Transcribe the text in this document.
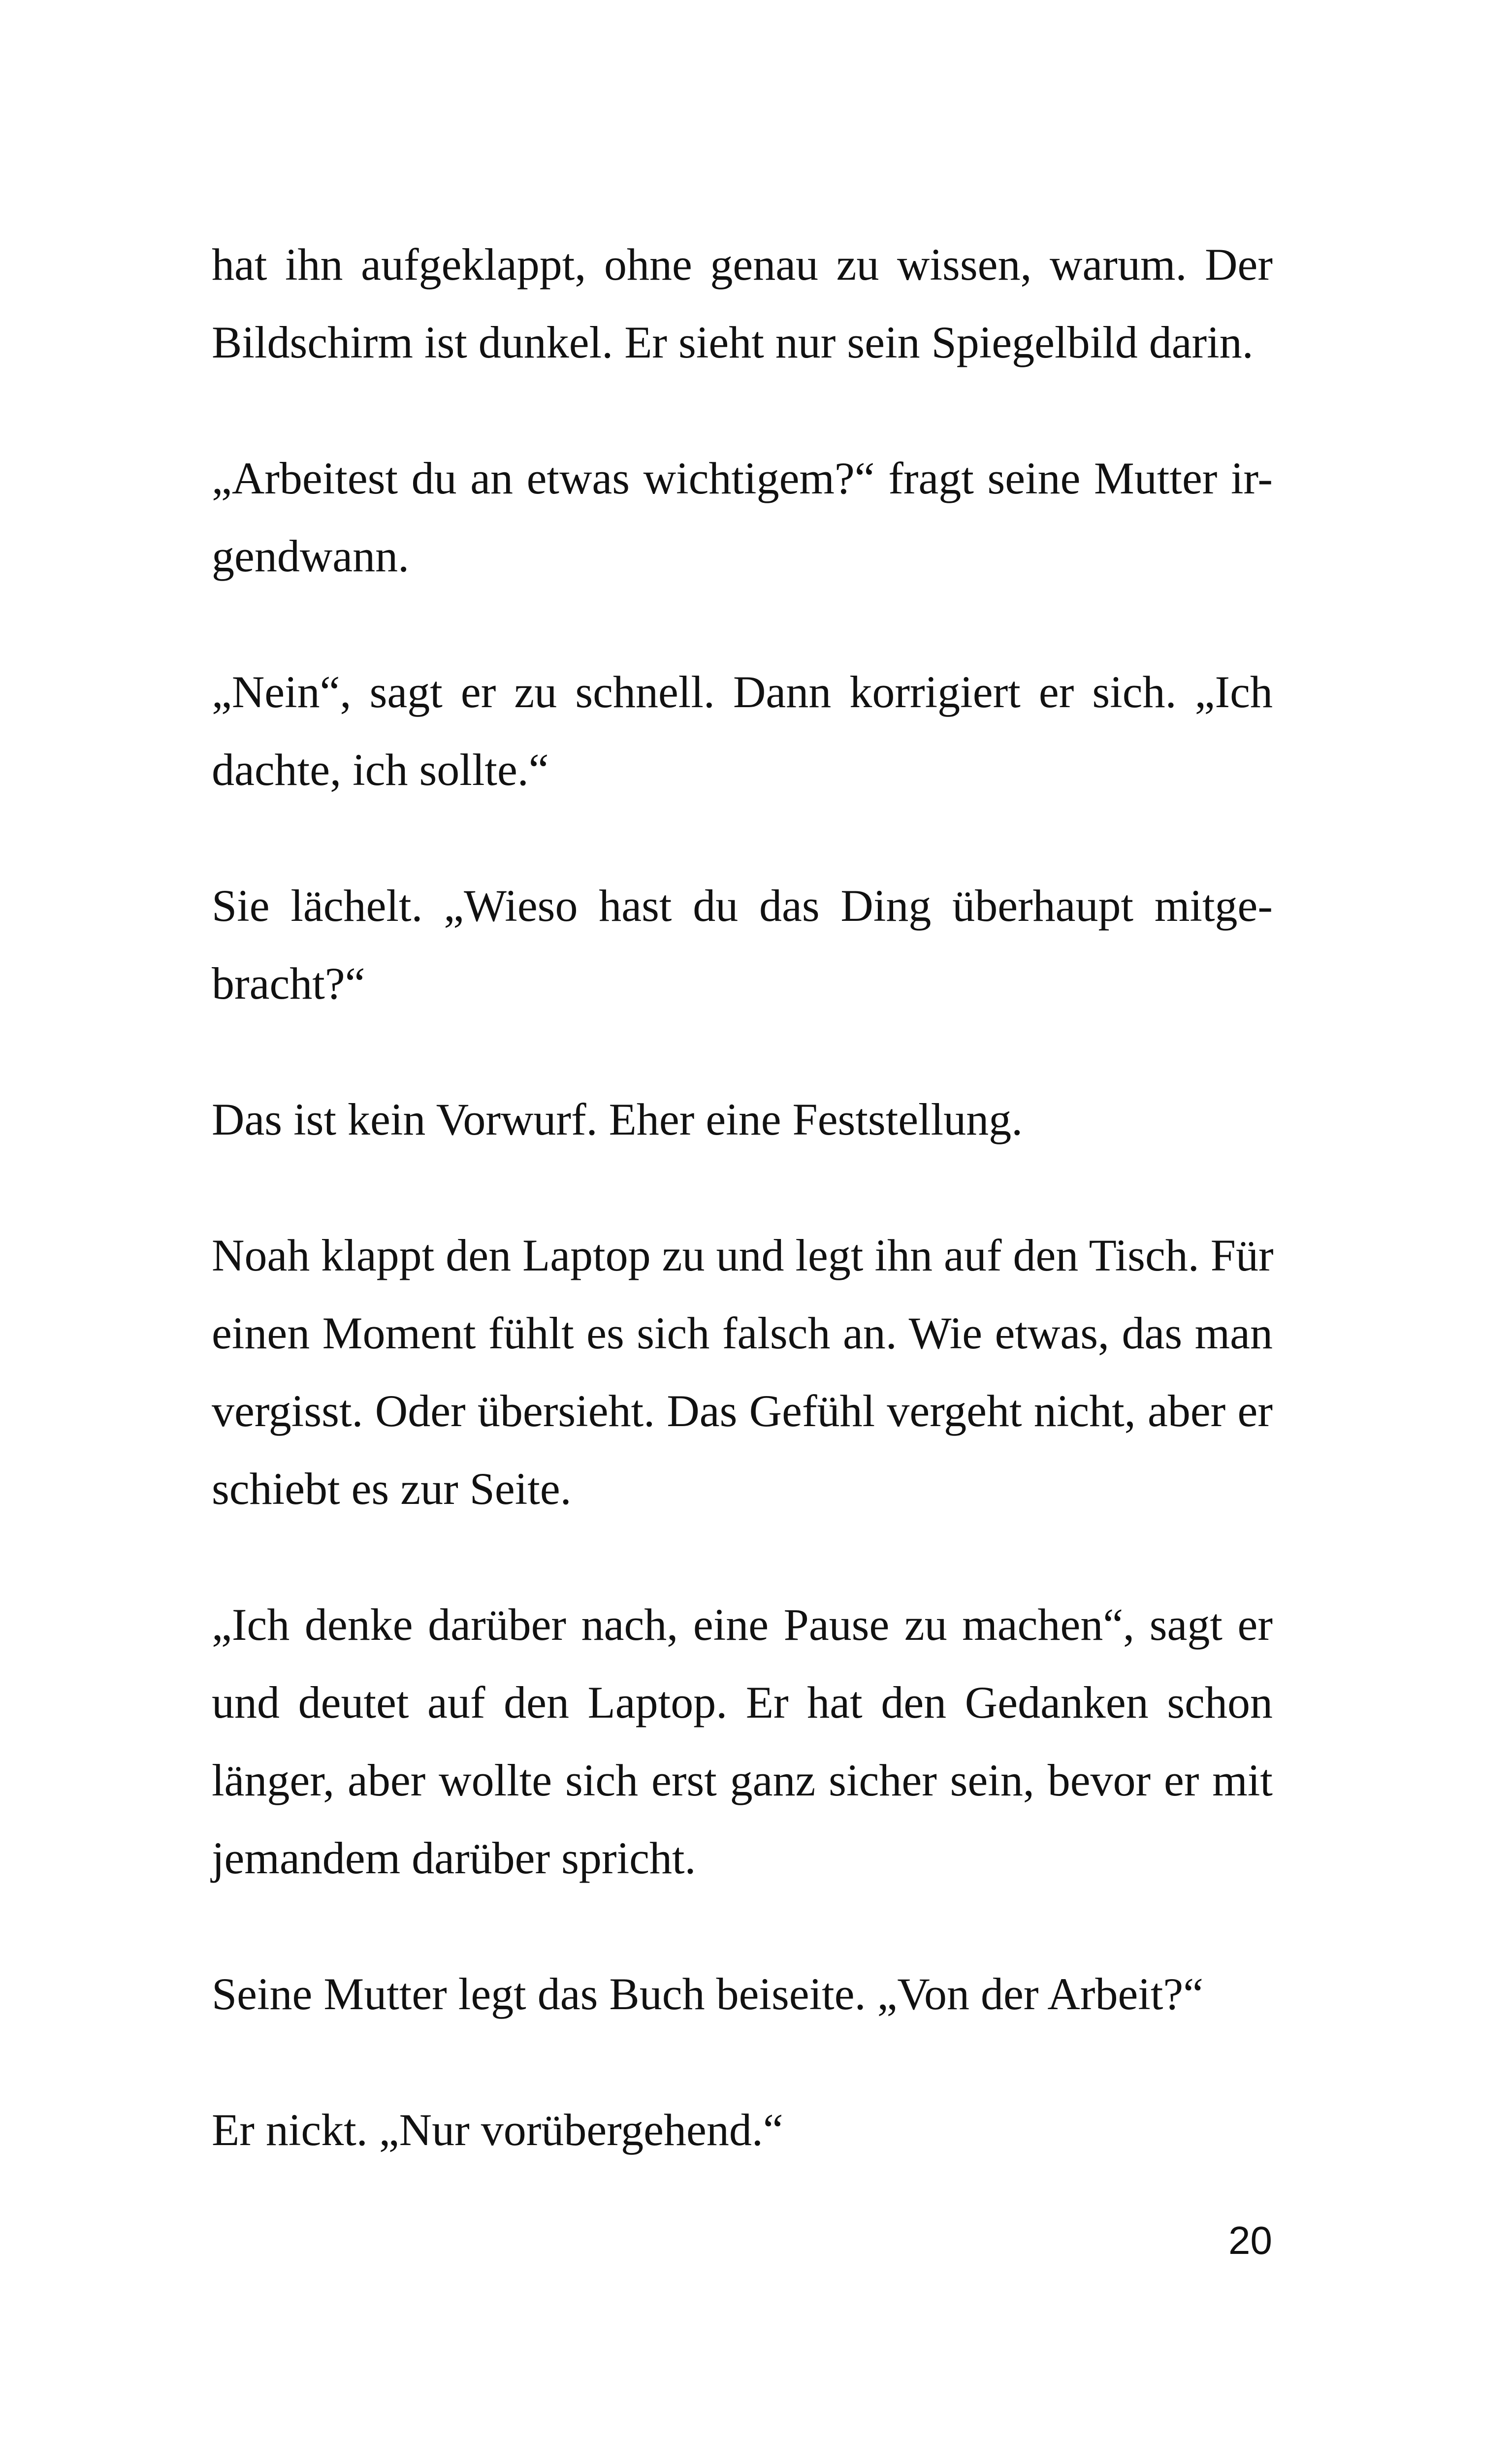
hat ihn aufgeklappt, ohne genau zu wissen, warum. Der
Bildschirm ist dunkel. Er sieht nur sein Spiegelbild darin.

„Arbeitest du an etwas wichtigem?“ fragt seine Mutter ir-
gendwann.

„Nein“, sagt er zu schnell. Dann korrigiert er sich. „Ich
dachte, ich sollte.“

Sie lächelt. „Wieso hast du das Ding überhaupt mitge-
bracht?“

Das ist kein Vorwurf. Eher eine Feststellung.

Noah klappt den Laptop zu und legt ihn auf den Tisch. Für
einen Moment fühlt es sich falsch an. Wie etwas, das man
vergisst. Oder übersieht. Das Gefühl vergeht nicht, aber er
schiebt es zur Seite.

„Ich denke darüber nach, eine Pause zu machen“, sagt er
und deutet auf den Laptop. Er hat den Gedanken schon
länger, aber wollte sich erst ganz sicher sein, bevor er mit
jemandem darüber spricht.

Seine Mutter legt das Buch beiseite. „Von der Arbeit?“

Er nickt. „Nur vorübergehend.“

20
